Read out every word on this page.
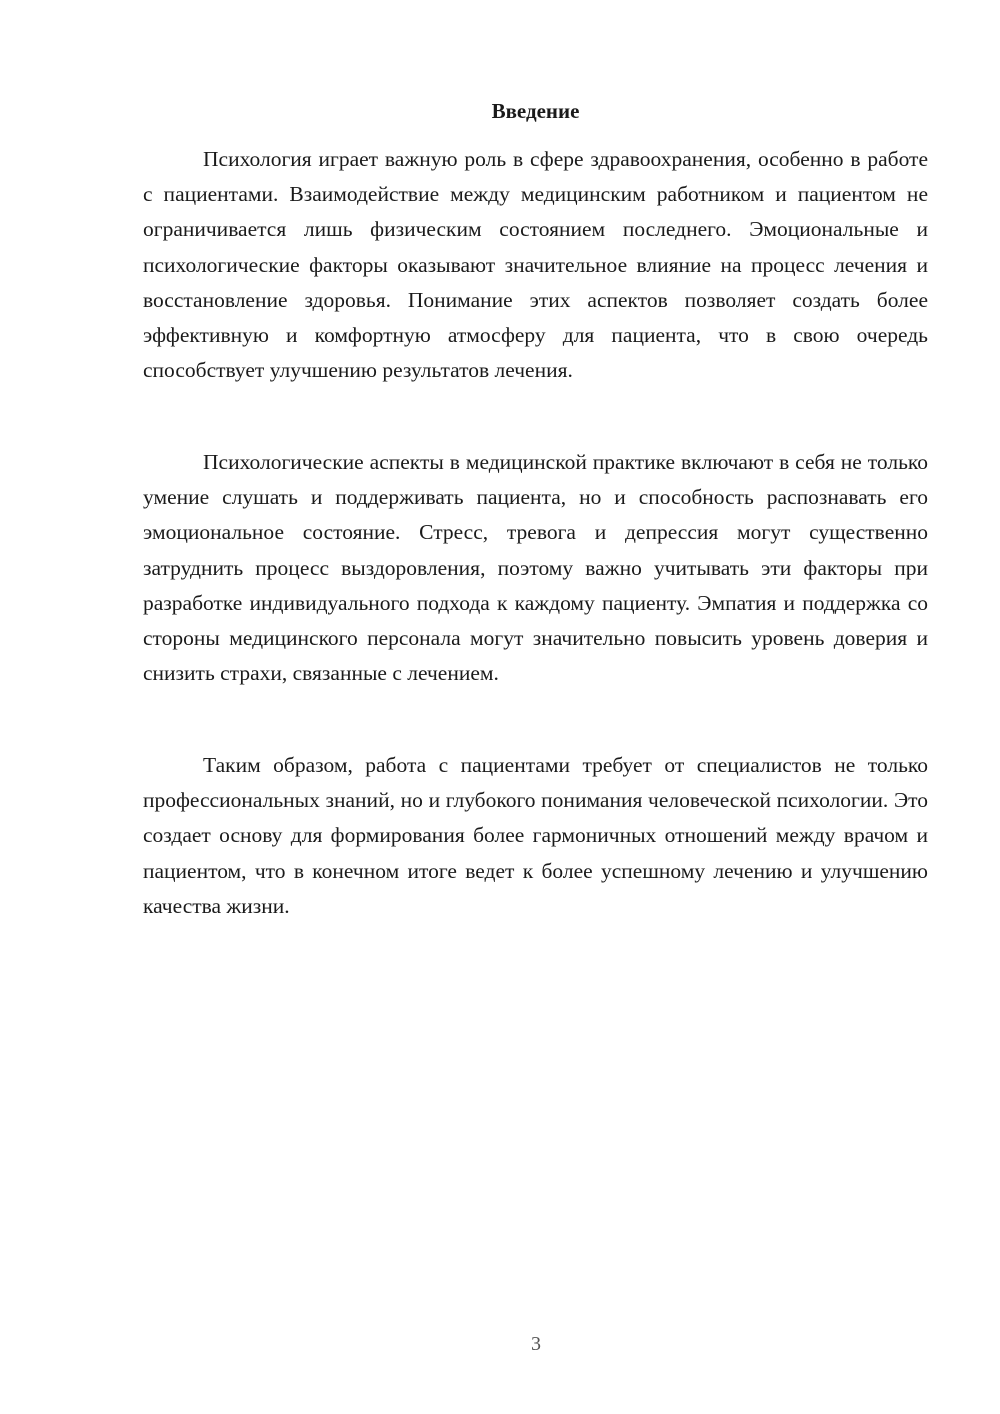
Введение

Психология играет важную роль в сфере здравоохранения, особенно в работе с пациентами. Взаимодействие между медицинским работником и пациентом не ограничивается лишь физическим состоянием последнего. Эмоциональные и психологические факторы оказывают значительное влияние на процесс лечения и восстановление здоровья. Понимание этих аспектов позволяет создать более эффективную и комфортную атмосферу для пациента, что в свою очередь способствует улучшению результатов лечения.

Психологические аспекты в медицинской практике включают в себя не только умение слушать и поддерживать пациента, но и способность распознавать его эмоциональное состояние. Стресс, тревога и депрессия могут существенно затруднить процесс выздоровления, поэтому важно учитывать эти факторы при разработке индивидуального подхода к каждому пациенту. Эмпатия и поддержка со стороны медицинского персонала могут значительно повысить уровень доверия и снизить страхи, связанные с лечением.

Таким образом, работа с пациентами требует от специалистов не только профессиональных знаний, но и глубокого понимания человеческой психологии. Это создает основу для формирования более гармоничных отношений между врачом и пациентом, что в конечном итоге ведет к более успешному лечению и улучшению качества жизни.

3
